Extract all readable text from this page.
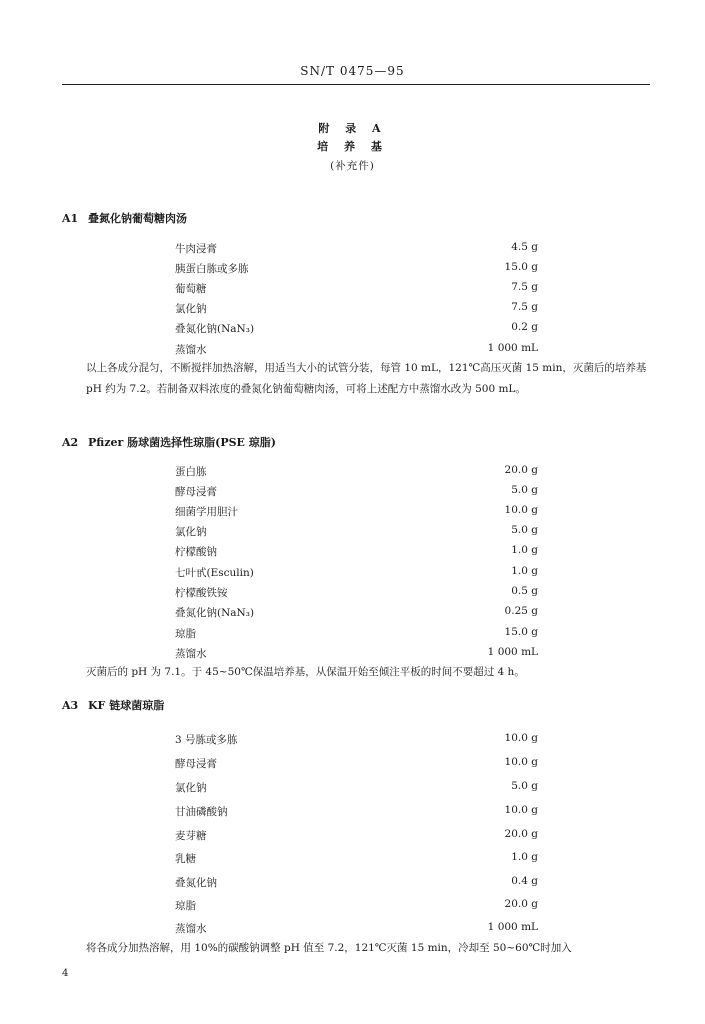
SN/T 0475—95
附 录 A
培 养 基
(补充件)
A1 叠氮化钠葡萄糖肉汤
牛肉浸膏	4.5 g
胰蛋白胨或多胨	15.0 g
葡萄糖	7.5 g
氯化钠	7.5 g
叠氮化钠(NaN₃)	0.2 g
蒸馏水	1 000 mL
以上各成分混匀，不断搅拌加热溶解，用适当大小的试管分装，每管 10 mL，121℃高压灭菌 15 min，灭菌后的培养基 pH 约为 7.2。若制备双料浓度的叠氮化钠葡萄糖肉汤，可将上述配方中蒸馏水改为 500 mL。
A2 Pfizer 肠球菌选择性琼脂(PSE 琼脂)
蛋白胨	20.0 g
酵母浸膏	5.0 g
细菌学用胆汁	10.0 g
氯化钠	5.0 g
柠檬酸钠	1.0 g
七叶甙(Esculin)	1.0 g
柠檬酸铁铵	0.5 g
叠氮化钠(NaN₃)	0.25 g
琼脂	15.0 g
蒸馏水	1 000 mL
灭菌后的 pH 为 7.1。于 45~50℃保温培养基，从保温开始至倾注平板的时间不要超过 4 h。
A3 KF 链球菌琼脂
3 号胨或多胨	10.0 g
酵母浸膏	10.0 g
氯化钠	5.0 g
甘油磷酸钠	10.0 g
麦芽糖	20.0 g
乳糖	1.0 g
叠氮化钠	0.4 g
琼脂	20.0 g
蒸馏水	1 000 mL
将各成分加热溶解，用 10%的碳酸钠调整 pH 值至 7.2，121℃灭菌 15 min，冷却至 50~60℃时加入
4
